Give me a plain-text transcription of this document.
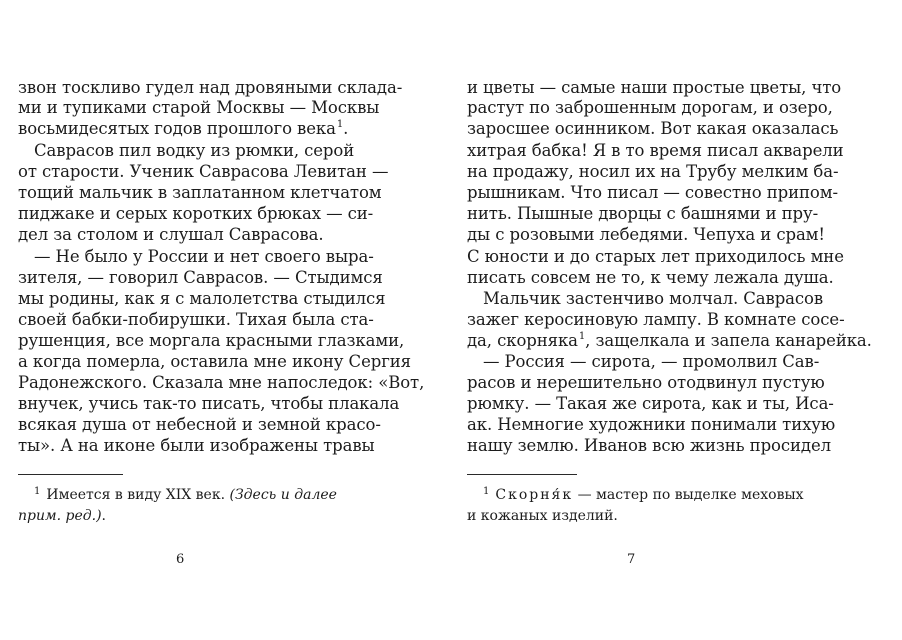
звон тоскливо гудел над дровяными склада-
ми и тупиками старой Москвы — Москвы
восьмидесятых годов прошлого века$^1$.
Саврасов пил водку из рюмки, серой
от старости. Ученик Саврасова Левитан —
тощий мальчик в заплатанном клетчатом
пиджаке и серых коротких брюках — си-
дел за столом и слушал Саврасова.
— Не было у России и нет своего выра-
зителя, — говорил Саврасов. — Стыдимся
мы родины, как я с малолетства стыдился
своей бабки-побирушки. Тихая была ста-
рушенция, все моргала красными глазками,
а когда померла, оставила мне икону Сергия
Радонежского. Сказала мне напоследок: «Вот,
внучек, учись так-то писать, чтобы плакала
всякая душа от небесной и земной красо-
ты». А на иконе были изображены травы
$^1$ Имеется в виду XIX век. (Здесь и далее
прим. ред.).
6
и цветы — самые наши простые цветы, что
растут по заброшенным дорогам, и озеро,
заросшее осинником. Вот какая оказалась
хитрая бабка! Я в то время писал акварели
на продажу, носил их на Трубу мелким ба-
рышникам. Что писал — совестно припом-
нить. Пышные дворцы с башнями и пру-
ды с розовыми лебедями. Чепуха и срам!
С юности и до старых лет приходилось мне
писать совсем не то, к чему лежала душа.
Мальчик застенчиво молчал. Саврасов
зажег керосиновую лампу. В комнате сосе-
да, скорняка$^1$, защелкала и запела канарейка.
— Россия — сирота, — промолвил Сав-
расов и нерешительно отодвинул пустую
рюмку. — Такая же сирота, как и ты, Иса-
ак. Немногие художники понимали тихую
нашу землю. Иванов всю жизнь просидел
$^1$ Скорня́к — мастер по выделке меховых
и кожаных изделий.
7
